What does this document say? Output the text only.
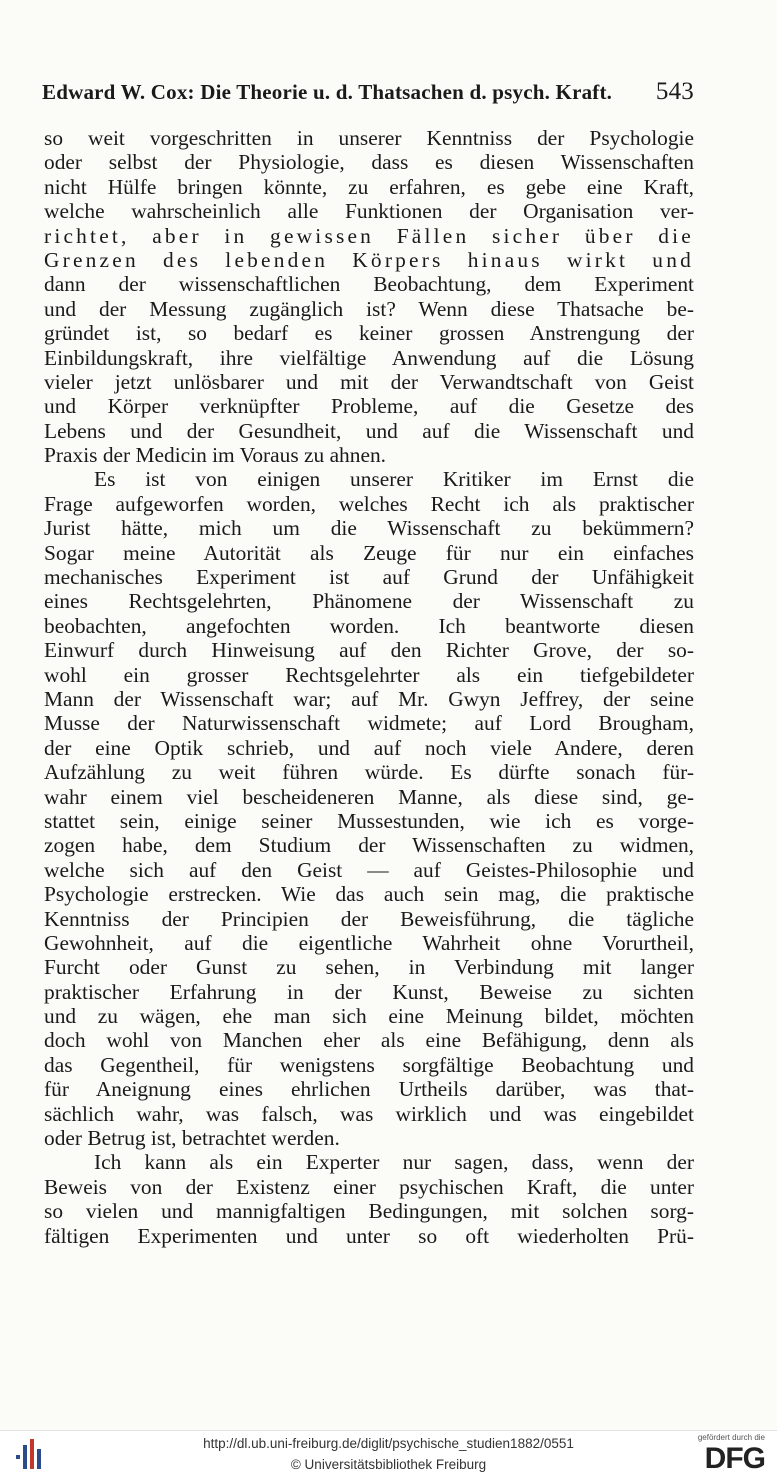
Edward W. Cox: Die Theorie u. d. Thatsachen d. psych. Kraft. 543
so weit vorgeschritten in unserer Kenntniss der Psychologie
oder selbst der Physiologie, dass es diesen Wissenschaften
nicht Hülfe bringen könnte, zu erfahren, es gebe eine Kraft,
welche wahrscheinlich alle Funktionen der Organisation ver-
richtet, aber in gewissen Fällen sicher über die
Grenzen des lebenden Körpers hinaus wirkt und
dann der wissenschaftlichen Beobachtung, dem Experiment
und der Messung zugänglich ist? Wenn diese Thatsache be-
gründet ist, so bedarf es keiner grossen Anstrengung der
Einbildungskraft, ihre vielfältige Anwendung auf die Lösung
vieler jetzt unlösbarer und mit der Verwandtschaft von Geist
und Körper verknüpfter Probleme, auf die Gesetze des
Lebens und der Gesundheit, und auf die Wissenschaft und
Praxis der Medicin im Voraus zu ahnen.
Es ist von einigen unserer Kritiker im Ernst die
Frage aufgeworfen worden, welches Recht ich als praktischer
Jurist hätte, mich um die Wissenschaft zu bekümmern?
Sogar meine Autorität als Zeuge für nur ein einfaches
mechanisches Experiment ist auf Grund der Unfähigkeit
eines Rechtsgelehrten, Phänomene der Wissenschaft zu
beobachten, angefochten worden. Ich beantworte diesen
Einwurf durch Hinweisung auf den Richter Grove, der so-
wohl ein grosser Rechtsgelehrter als ein tiefgebildeter
Mann der Wissenschaft war; auf Mr. Gwyn Jeffrey, der seine
Musse der Naturwissenschaft widmete; auf Lord Brougham,
der eine Optik schrieb, und auf noch viele Andere, deren
Aufzählung zu weit führen würde. Es dürfte sonach für-
wahr einem viel bescheideneren Manne, als diese sind, ge-
stattet sein, einige seiner Mussestunden, wie ich es vorge-
zogen habe, dem Studium der Wissenschaften zu widmen,
welche sich auf den Geist — auf Geistes-Philosophie und
Psychologie erstrecken. Wie das auch sein mag, die praktische
Kenntniss der Principien der Beweisführung, die tägliche
Gewohnheit, auf die eigentliche Wahrheit ohne Vorurtheil,
Furcht oder Gunst zu sehen, in Verbindung mit langer
praktischer Erfahrung in der Kunst, Beweise zu sichten
und zu wägen, ehe man sich eine Meinung bildet, möchten
doch wohl von Manchen eher als eine Befähigung, denn als
das Gegentheil, für wenigstens sorgfältige Beobachtung und
für Aneignung eines ehrlichen Urtheils darüber, was that-
sächlich wahr, was falsch, was wirklich und was eingebildet
oder Betrug ist, betrachtet werden.
Ich kann als ein Experter nur sagen, dass, wenn der
Beweis von der Existenz einer psychischen Kraft, die unter
so vielen und mannigfaltigen Bedingungen, mit solchen sorg-
fältigen Experimenten und unter so oft wiederholten Prü-
http://dl.ub.uni-freiburg.de/diglit/psychische_studien1882/0551
© Universitätsbibliothek Freiburg
gefördert durch die
DFG
